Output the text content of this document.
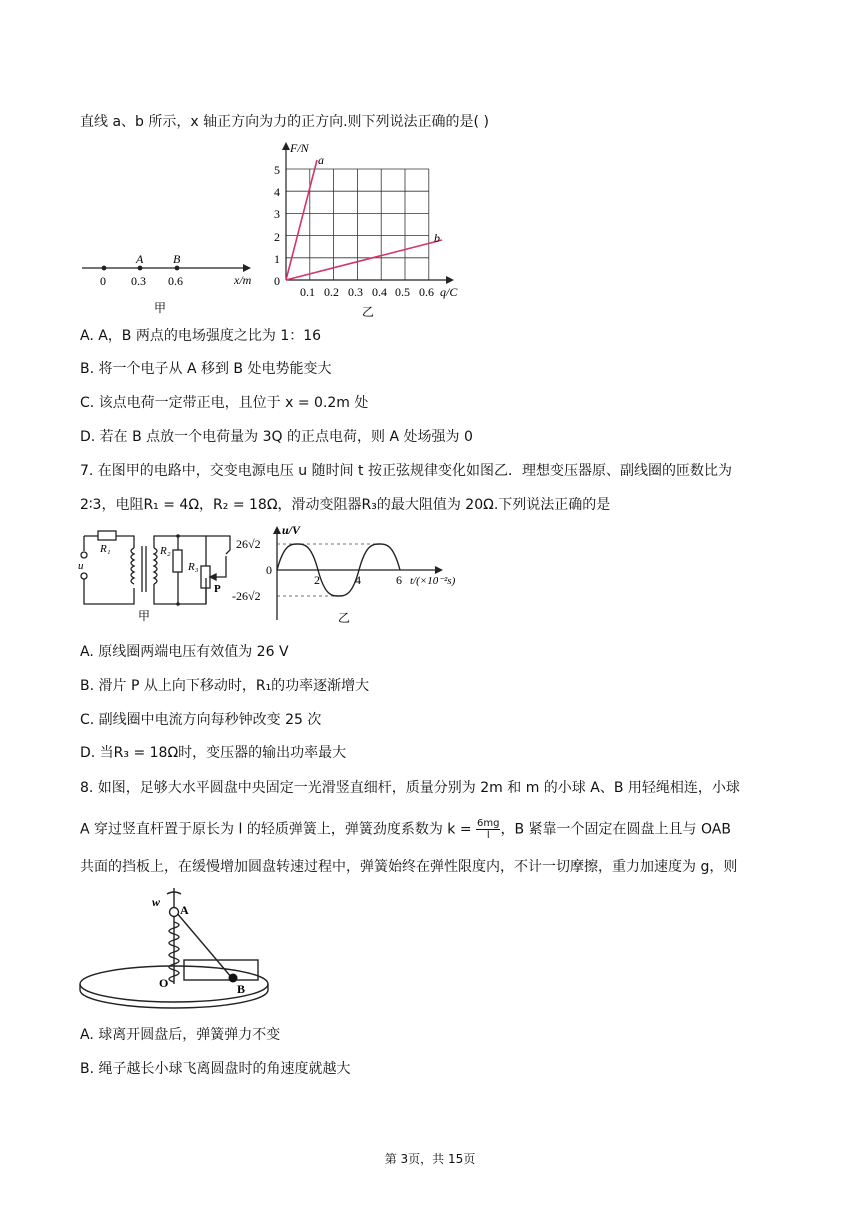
直线 a、b 所示，x 轴正方向为力的正方向.则下列说法正确的是( )
A B
0 0.3 0.6	x/m
甲
a
b
F/N
q/C
0
1
2
3
4
5
0.1 0.2 0.3 0.4 0.5 0.6
乙
A. A，B 两点的电场强度之比为 1：16
B. 将一个电子从 A 移到 B 处电势能变大
C. 该点电荷一定带正电，且位于 x = 0.2m 处
D. 若在 B 点放一个电荷量为 3Q 的正点电荷，则 A 处场强为 0
7. 在图甲的电路中，交变电源电压 u 随时间 t 按正弦规律变化如图乙．理想变压器原、副线圈的匝数比为
2∶3，电阻R₁ = 4Ω，R₂ = 18Ω，滑动变阻器R₃的最大阻值为 20Ω.下列说法正确的是
R₁
u
R₂
R₃
P
甲
u/V
26√2
0
-26√2
2	4	6 t/(×10⁻²s)
乙
A. 原线圈两端电压有效值为 26 V
B. 滑片 P 从上向下移动时，R₁的功率逐渐增大
C. 副线圈中电流方向每秒钟改变 25 次
D. 当R₃ = 18Ω时，变压器的输出功率最大
8. 如图，足够大水平圆盘中央固定一光滑竖直细杆，质量分别为 2m 和 m 的小球 A、B 用轻绳相连，小球
A 穿过竖直杆置于原长为 l 的轻质弹簧上，弹簧劲度系数为 $k = \frac{6mg}{l}$ ，B 紧靠一个固定在圆盘上且与 OAB
共面的挡板上，在缓慢增加圆盘转速过程中，弹簧始终在弹性限度内，不计一切摩擦，重力加速度为 g，则
w
A
O	B
A. 球离开圆盘后，弹簧弹力不变
B. 绳子越长小球飞离圆盘时的角速度就越大
第 3页，共 15页
